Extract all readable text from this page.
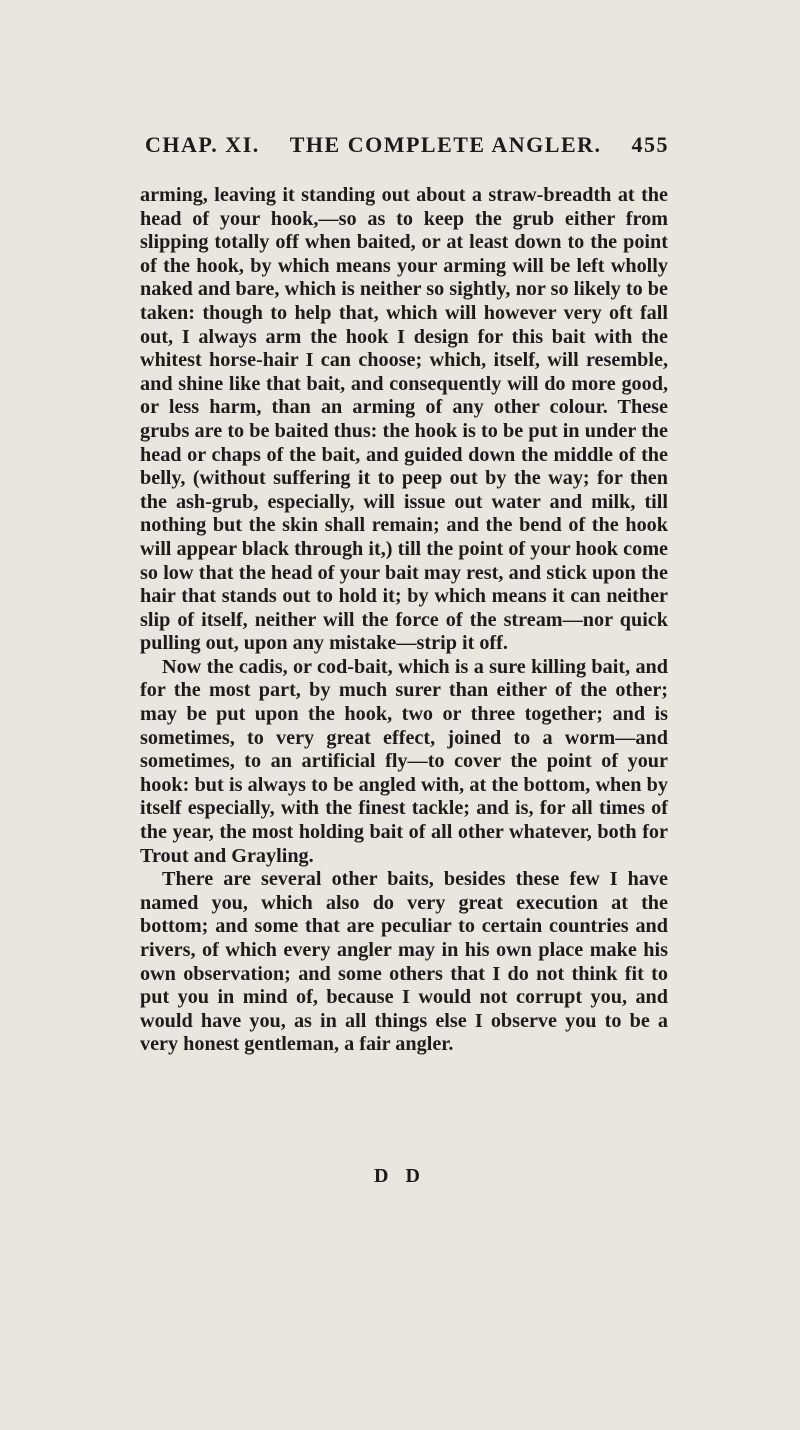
CHAP. XI. THE COMPLETE ANGLER. 455

arming, leaving it standing out about a straw-breadth at the head of your hook,—so as to keep the grub either from slipping totally off when baited, or at least down to the point of the hook, by which means your arming will be left wholly naked and bare, which is neither so sightly, nor so likely to be taken: though to help that, which will however very oft fall out, I always arm the hook I design for this bait with the whitest horse-hair I can choose; which, itself, will resemble, and shine like that bait, and consequently will do more good, or less harm, than an arming of any other colour. These grubs are to be baited thus: the hook is to be put in under the head or chaps of the bait, and guided down the middle of the belly, (without suffering it to peep out by the way; for then the ash-grub, especially, will issue out water and milk, till nothing but the skin shall remain; and the bend of the hook will appear black through it,) till the point of your hook come so low that the head of your bait may rest, and stick upon the hair that stands out to hold it; by which means it can neither slip of itself, neither will the force of the stream—nor quick pulling out, upon any mistake—strip it off.

Now the cadis, or cod-bait, which is a sure killing bait, and for the most part, by much surer than either of the other; may be put upon the hook, two or three together; and is sometimes, to very great effect, joined to a worm—and sometimes, to an artificial fly—to cover the point of your hook: but is always to be angled with, at the bottom, when by itself especially, with the finest tackle; and is, for all times of the year, the most holding bait of all other whatever, both for Trout and Grayling.

There are several other baits, besides these few I have named you, which also do very great execution at the bottom; and some that are peculiar to certain countries and rivers, of which every angler may in his own place make his own observation; and some others that I do not think fit to put you in mind of, because I would not corrupt you, and would have you, as in all things else I observe you to be a very honest gentleman, a fair angler.

D D
